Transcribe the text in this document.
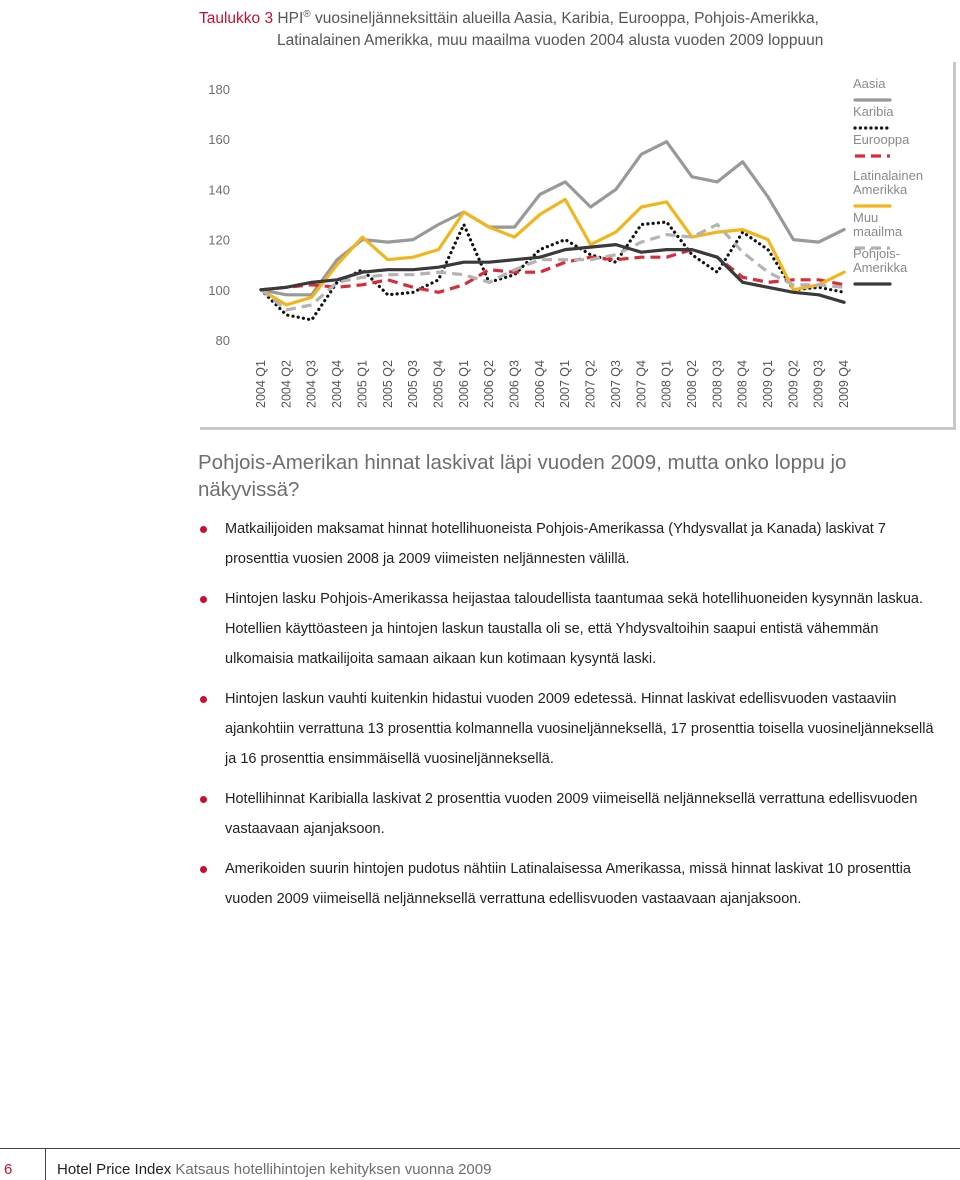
Taulukko 3 HPI® vuosineljänneksittäin alueilla Aasia, Karibia, Eurooppa, Pohjois-Amerikka,
Latinalainen Amerikka, muu maailma vuoden 2004 alusta vuoden 2009 loppuun
180
160
140
120
100
80
2004 Q1 2004 Q2 2004 Q3 2004 Q4 2005 Q1 2005 Q2 2005 Q3 2005 Q4 2006 Q1 2006 Q2 2006 Q3 2006 Q4 2007 Q1 2007 Q2 2007 Q3 2007 Q4 2008 Q1 2008 Q2 2008 Q3 2008 Q4 2009 Q1 2009 Q2 2009 Q3 2009 Q4
Aasia
Karibia
Eurooppa
Latinalainen
Amerikka
Muu
maailma
Pohjois-
Amerikka
Pohjois-Amerikan hinnat laskivat läpi vuoden 2009, mutta onko loppu jo näkyvissä?
Matkailijoiden maksamat hinnat hotellihuoneista Pohjois-Amerikassa (Yhdysvallat ja Kanada) laskivat 7 prosenttia vuosien 2008 ja 2009 viimeisten neljännesten välillä.
Hintojen lasku Pohjois-Amerikassa heijastaa taloudellista taantumaa sekä hotellihuoneiden kysynnän laskua. Hotellien käyttöasteen ja hintojen laskun taustalla oli se, että Yhdysvaltoihin saapui entistä vähemmän ulkomaisia matkailijoita samaan aikaan kun kotimaan kysyntä laski.
Hintojen laskun vauhti kuitenkin hidastui vuoden 2009 edetessä. Hinnat laskivat edellisvuoden vastaaviin ajankohtiin verrattuna 13 prosenttia kolmannella vuosineljänneksellä, 17 prosenttia toisella vuosineljänneksellä ja 16 prosenttia ensimmäisellä vuosineljänneksellä.
Hotellihinnat Karibialla laskivat 2 prosenttia vuoden 2009 viimeisellä neljänneksellä verrattuna edellisvuoden vastaavaan ajanjaksoon.
Amerikoiden suurin hintojen pudotus nähtiin Latinalaisessa Amerikassa, missä hinnat laskivat 10 prosenttia vuoden 2009 viimeisellä neljänneksellä verrattuna edellisvuoden vastaavaan ajanjaksoon.
6	Hotel Price Index Katsaus hotellihintojen kehityksen vuonna 2009
